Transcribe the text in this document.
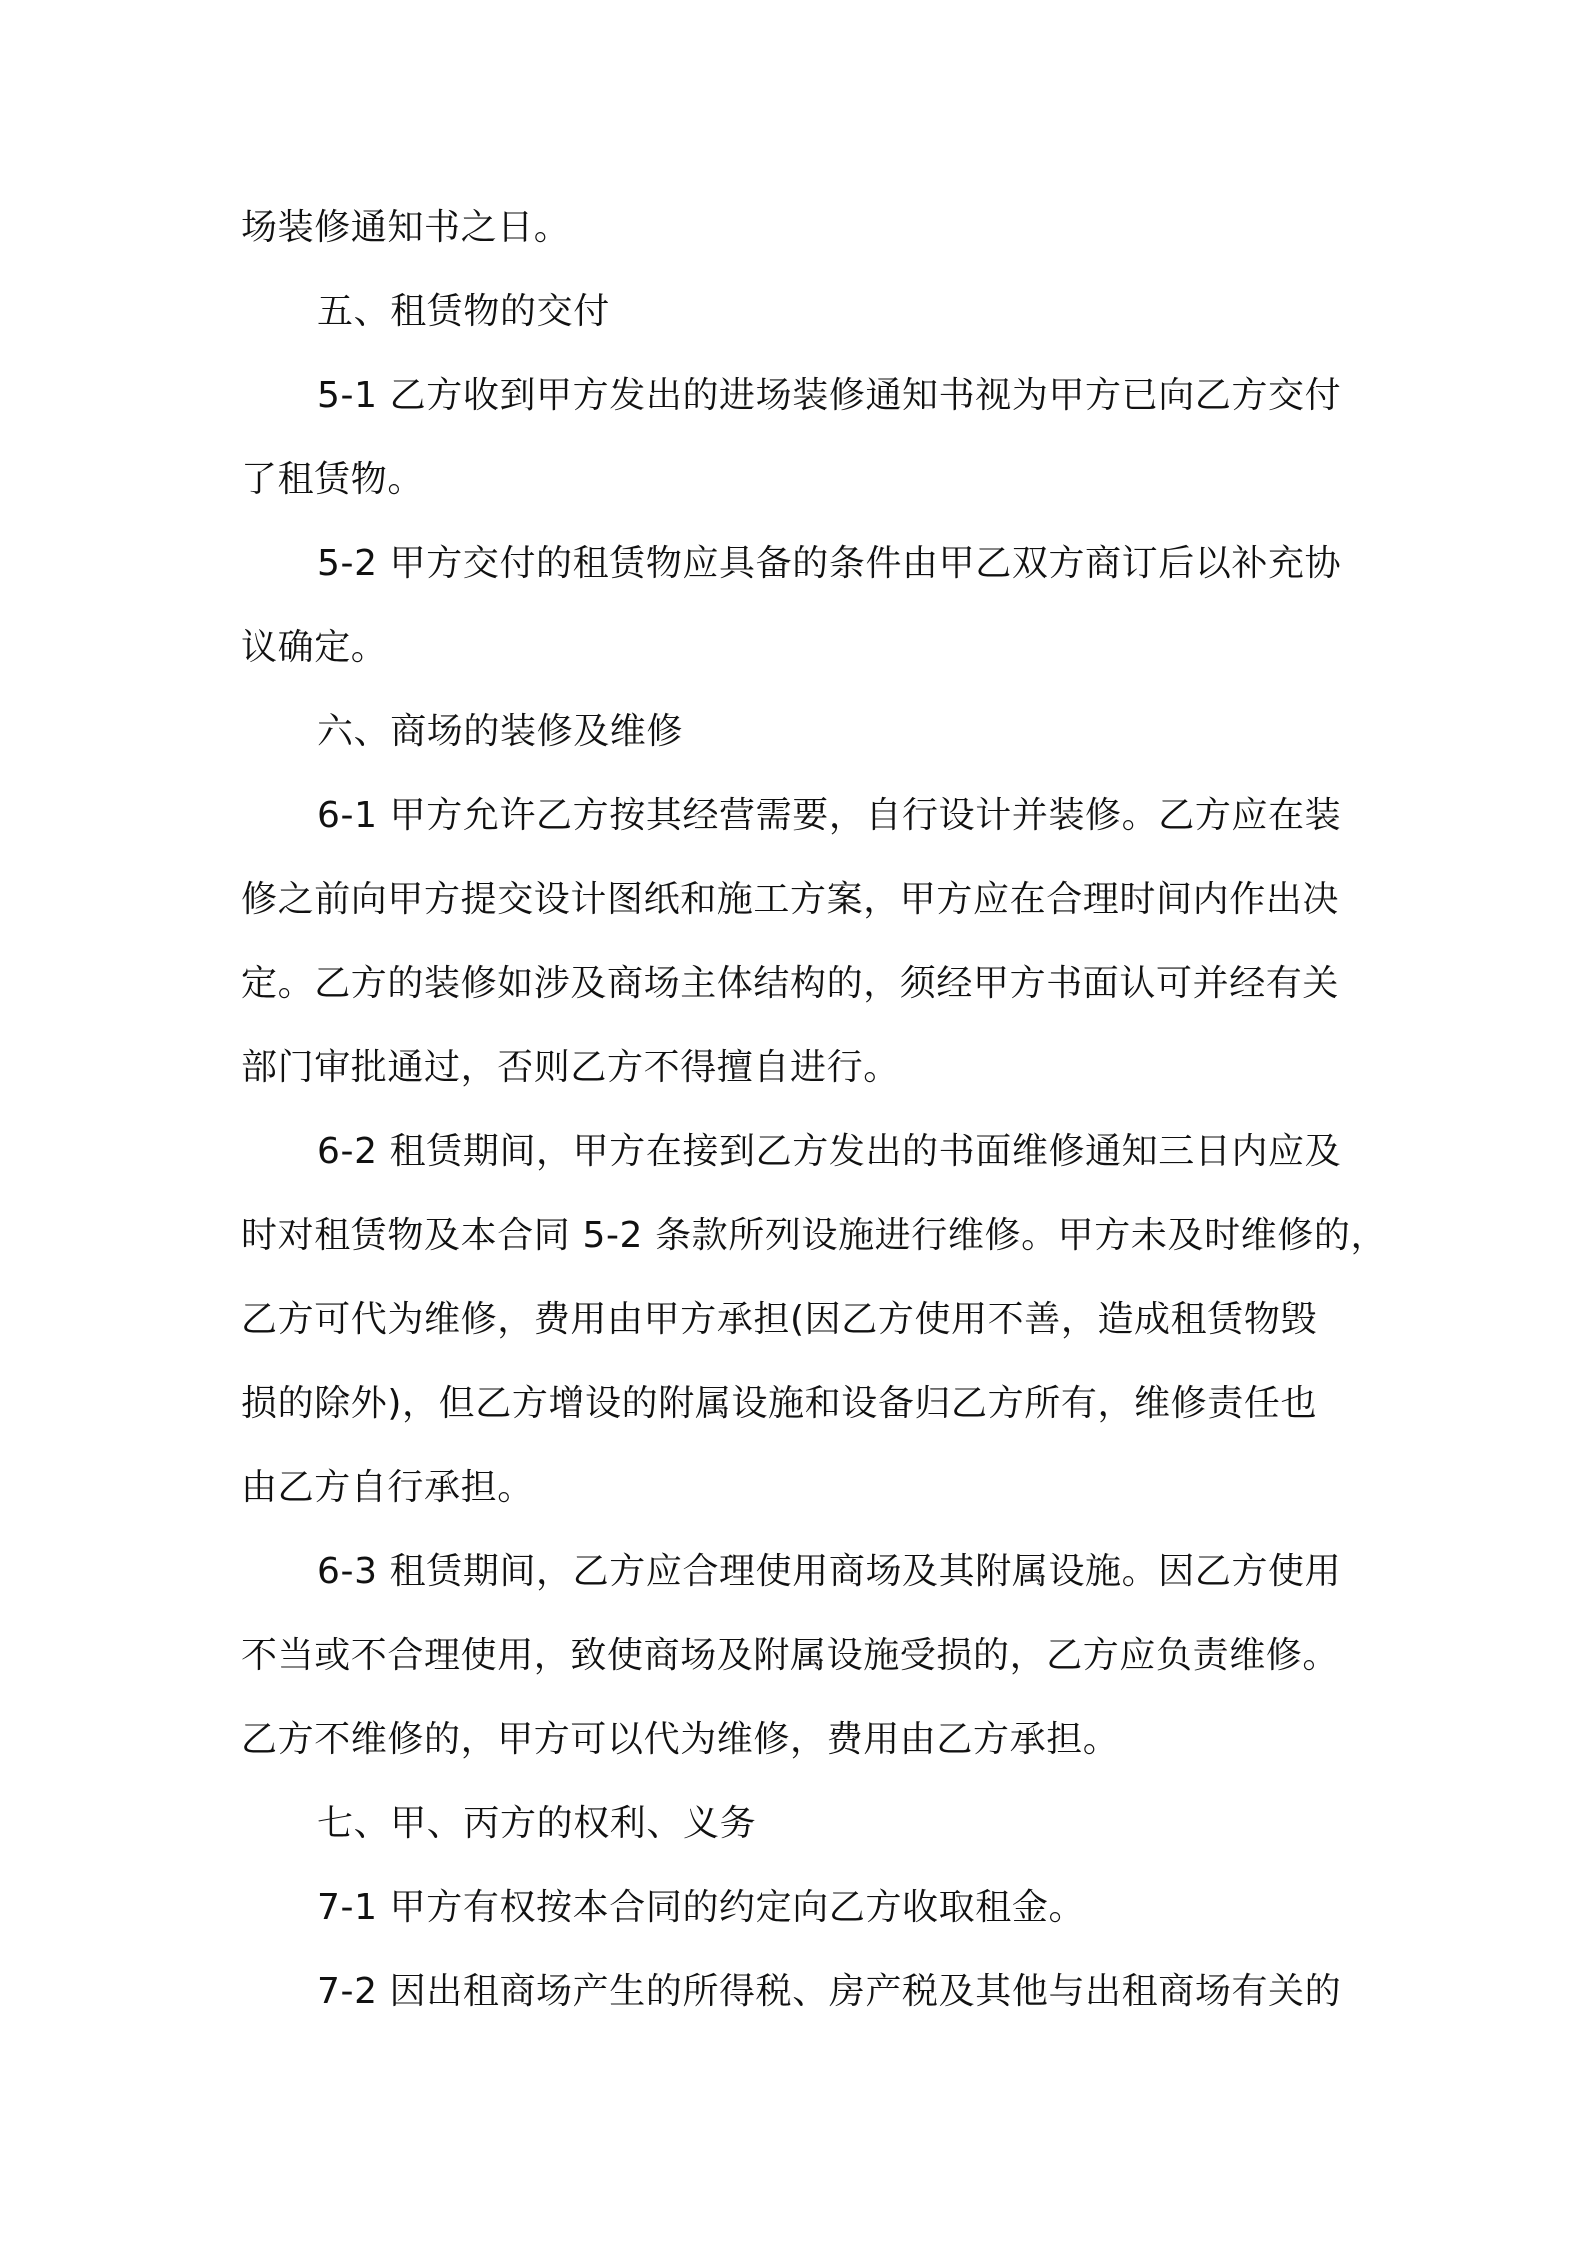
场装修通知书之日。

五、租赁物的交付

5-1 乙方收到甲方发出的进场装修通知书视为甲方已向乙方交付

了租赁物。

5-2 甲方交付的租赁物应具备的条件由甲乙双方商订后以补充协

议确定。

六、商场的装修及维修

6-1 甲方允许乙方按其经营需要，自行设计并装修。乙方应在装

修之前向甲方提交设计图纸和施工方案，甲方应在合理时间内作出决

定。乙方的装修如涉及商场主体结构的，须经甲方书面认可并经有关

部门审批通过，否则乙方不得擅自进行。

6-2 租赁期间，甲方在接到乙方发出的书面维修通知三日内应及

时对租赁物及本合同 5-2 条款所列设施进行维修。甲方未及时维修的，

乙方可代为维修，费用由甲方承担(因乙方使用不善，造成租赁物毁

损的除外)，但乙方增设的附属设施和设备归乙方所有，维修责任也

由乙方自行承担。

6-3 租赁期间，乙方应合理使用商场及其附属设施。因乙方使用

不当或不合理使用，致使商场及附属设施受损的，乙方应负责维修。

乙方不维修的，甲方可以代为维修，费用由乙方承担。

七、甲、丙方的权利、义务

7-1 甲方有权按本合同的约定向乙方收取租金。

7-2 因出租商场产生的所得税、房产税及其他与出租商场有关的
